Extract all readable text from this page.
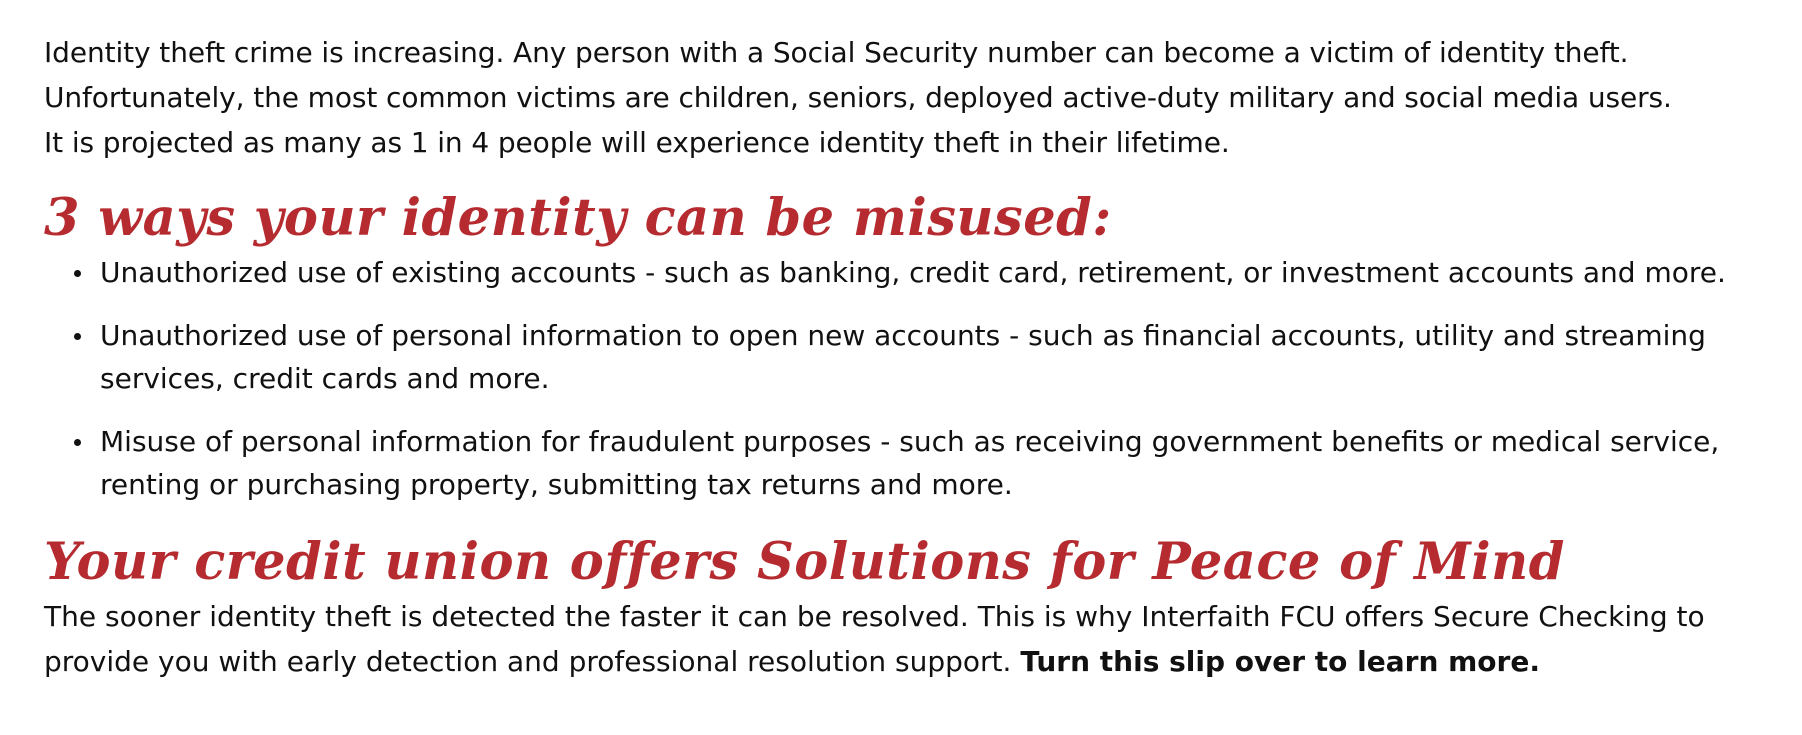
Identity theft crime is increasing. Any person with a Social Security number can become a victim of identity theft.

Unfortunately, the most common victims are children, seniors, deployed active-duty military and social media users.

It is projected as many as 1 in 4 people will experience identity theft in their lifetime.

3 ways your identity can be misused:
Unauthorized use of existing accounts - such as banking, credit card, retirement, or investment accounts and more.
Unauthorized use of personal information to open new accounts - such as financial accounts, utility and streaming services, credit cards and more.
Misuse of personal information for fraudulent purposes - such as receiving government benefits or medical service, renting or purchasing property, submitting tax returns and more.
Your credit union offers Solutions for Peace of Mind

The sooner identity theft is detected the faster it can be resolved. This is why Interfaith FCU offers Secure Checking to provide you with early detection and professional resolution support. Turn this slip over to learn more.
